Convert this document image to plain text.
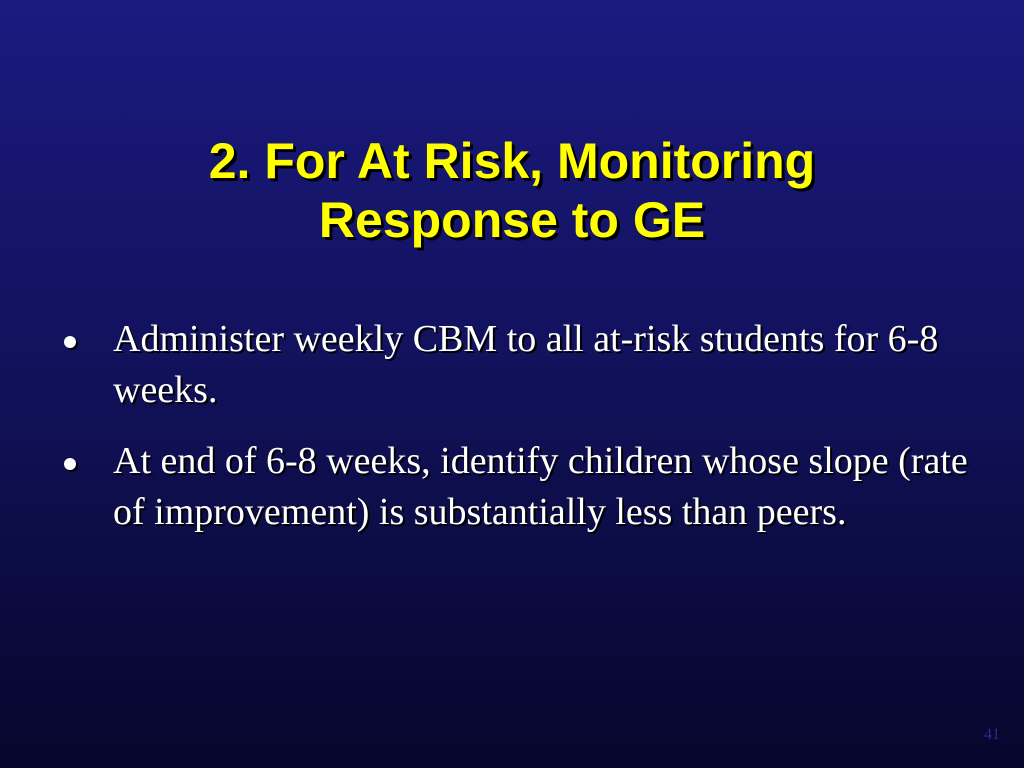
2. For At Risk, Monitoring
Response to GE
Administer weekly CBM to all at-risk students for 6-8 weeks.
At end of 6-8 weeks, identify children whose slope (rate of improvement) is substantially less than peers.
41
